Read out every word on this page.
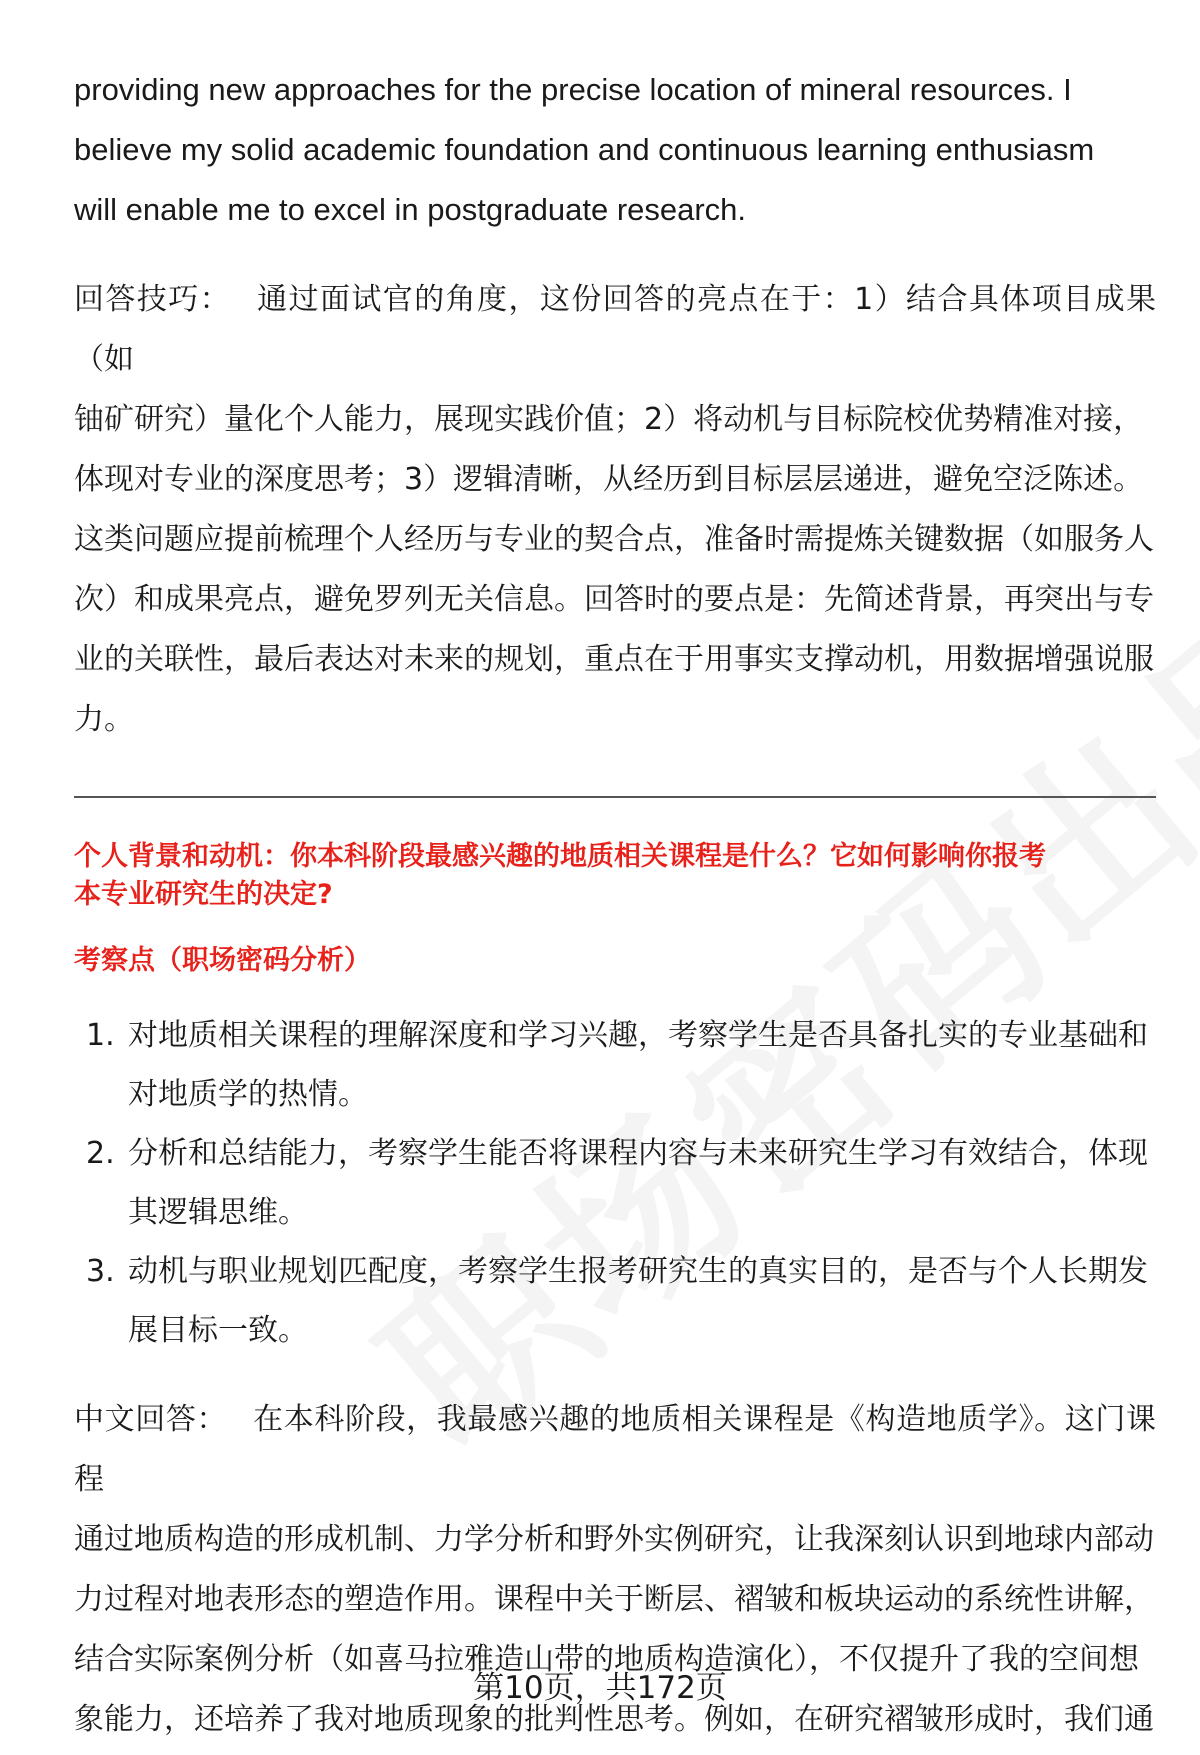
providing new approaches for the precise location of mineral resources. I

believe my solid academic foundation and continuous learning enthusiasm

will enable me to excel in postgraduate research.

回答技巧： 通过面试官的角度，这份回答的亮点在于：1）结合具体项目成果（如

铀矿研究）量化个人能力，展现实践价值；2）将动机与目标院校优势精准对接，

体现对专业的深度思考；3）逻辑清晰，从经历到目标层层递进，避免空泛陈述。

这类问题应提前梳理个人经历与专业的契合点，准备时需提炼关键数据（如服务人

次）和成果亮点，避免罗列无关信息。回答时的要点是：先简述背景，再突出与专

业的关联性，最后表达对未来的规划，重点在于用事实支撑动机，用数据增强说服

力。

个人背景和动机：你本科阶段最感兴趣的地质相关课程是什么？它如何影响你报考

本专业研究生的决定?

考察点（职场密码分析）

1. 对地质相关课程的理解深度和学习兴趣，考察学生是否具备扎实的专业基础和
对地质学的热情。
2. 分析和总结能力，考察学生能否将课程内容与未来研究生学习有效结合，体现
其逻辑思维。
3. 动机与职业规划匹配度，考察学生报考研究生的真实目的，是否与个人长期发
展目标一致。

中文回答： 在本科阶段，我最感兴趣的地质相关课程是《构造地质学》。这门课程

通过地质构造的形成机制、力学分析和野外实例研究，让我深刻认识到地球内部动

力过程对地表形态的塑造作用。课程中关于断层、褶皱和板块运动的系统性讲解，

结合实际案例分析（如喜马拉雅造山带的地质构造演化），不仅提升了我的空间想

象能力，还培养了我对地质现象的批判性思考。例如，在研究褶皱形成时，我们通

第10页，共172页
